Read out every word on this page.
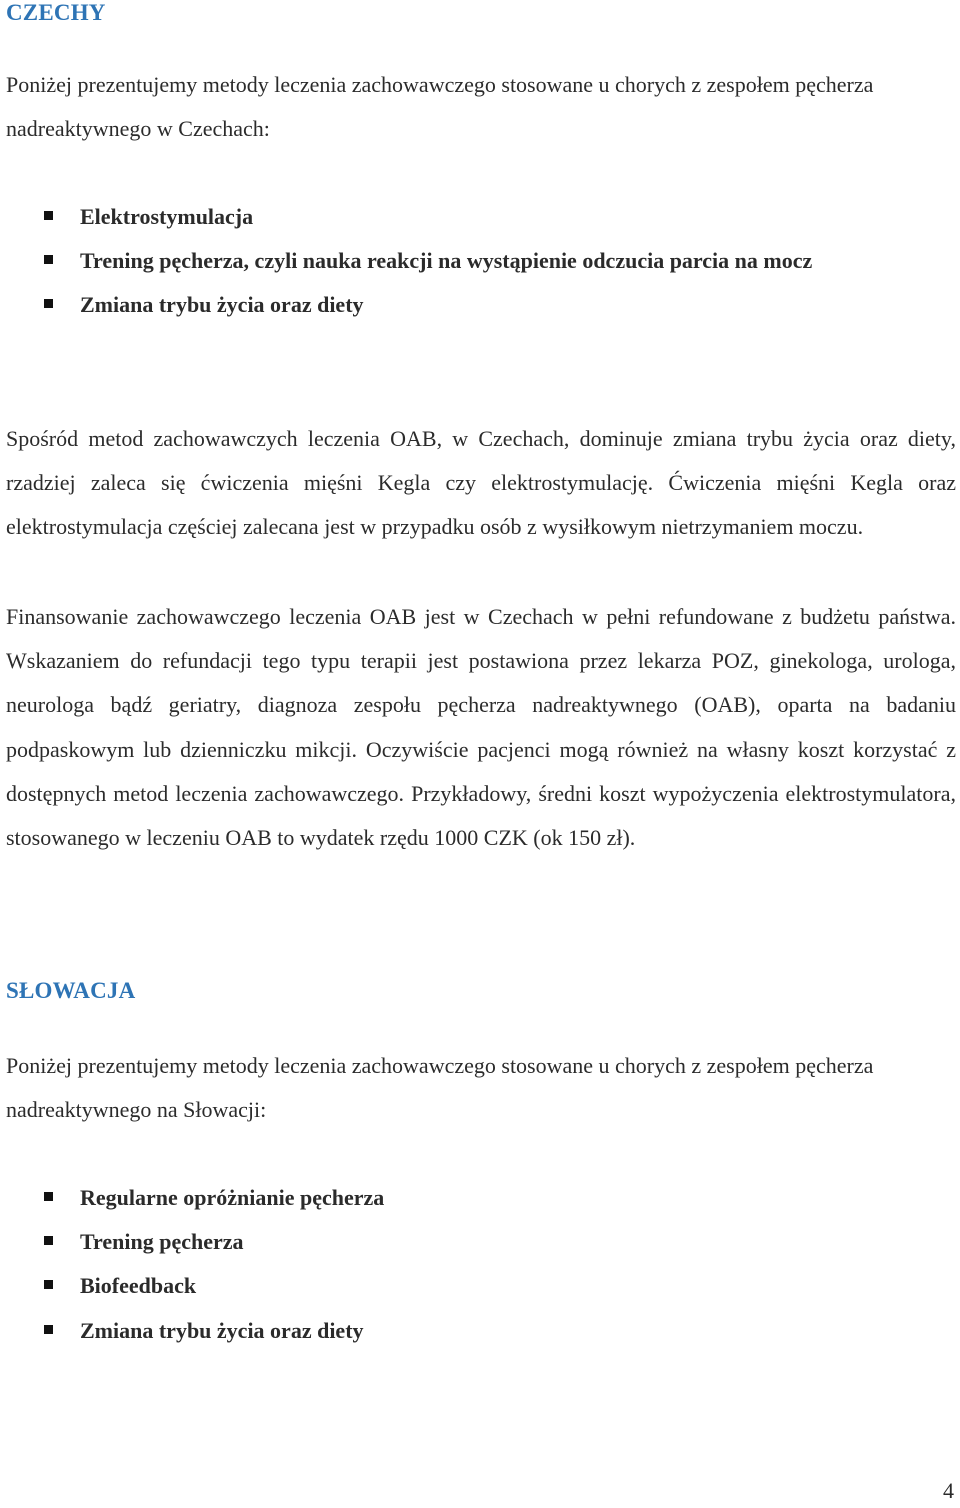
CZECHY

Poniżej prezentujemy metody leczenia zachowawczego stosowane u chorych z zespołem pęcherza nadreaktywnego w Czechach:

Elektrostymulacja
Trening pęcherza, czyli nauka reakcji na wystąpienie odczucia parcia na mocz
Zmiana trybu życia oraz diety

Spośród metod zachowawczych leczenia OAB, w Czechach, dominuje zmiana trybu życia oraz diety, rzadziej zaleca się ćwiczenia mięśni Kegla czy elektrostymulację. Ćwiczenia mięśni Kegla oraz elektrostymulacja częściej zalecana jest w przypadku osób z wysiłkowym nietrzymaniem moczu.

Finansowanie zachowawczego leczenia OAB jest w Czechach w pełni refundowane z budżetu państwa. Wskazaniem do refundacji tego typu terapii jest postawiona przez lekarza POZ, ginekologa, urologa, neurologa bądź geriatry, diagnoza zespołu pęcherza nadreaktywnego (OAB), oparta na badaniu podpaskowym lub dzienniczku mikcji. Oczywiście pacjenci mogą również na własny koszt korzystać z dostępnych metod leczenia zachowawczego. Przykładowy, średni koszt wypożyczenia elektrostymulatora, stosowanego w leczeniu OAB to wydatek rzędu 1000 CZK (ok 150 zł).

SŁOWACJA

Poniżej prezentujemy metody leczenia zachowawczego stosowane u chorych z zespołem pęcherza nadreaktywnego na Słowacji:

Regularne opróżnianie pęcherza
Trening pęcherza
Biofeedback
Zmiana trybu życia oraz diety

4
